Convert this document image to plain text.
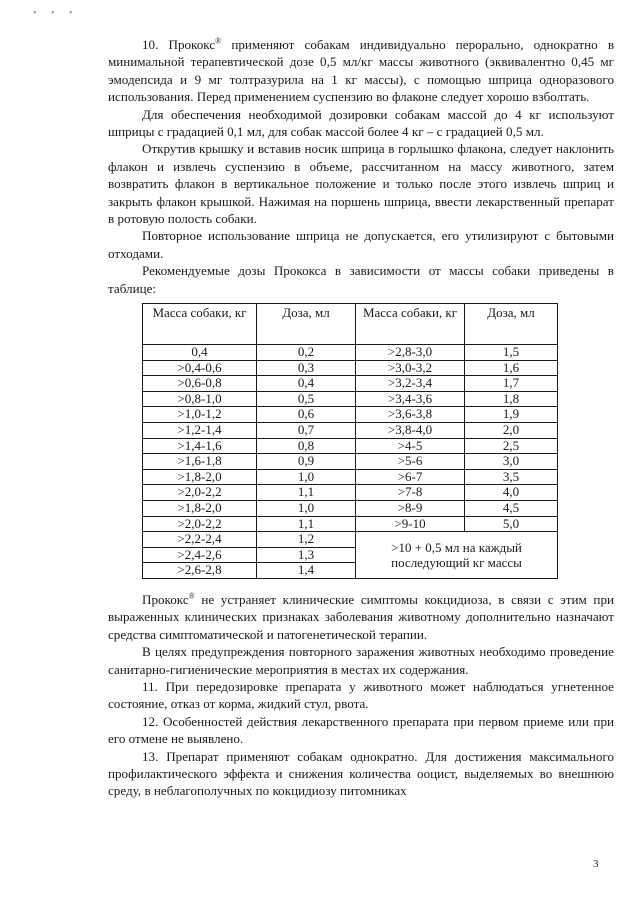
• • •

10. Прококс® применяют собакам индивидуально перорально, однократно в минимальной терапевтической дозе 0,5 мл/кг массы животного (эквивалентно 0,45 мг эмодепсида и 9 мг толтразурила на 1 кг массы), с помощью шприца одноразового использования. Перед применением суспензию во флаконе следует хорошо взболтать.

Для обеспечения необходимой дозировки собакам массой до 4 кг используют шприцы с градацией 0,1 мл, для собак массой более 4 кг – с градацией 0,5 мл.

Открутив крышку и вставив носик шприца в горлышко флакона, следует наклонить флакон и извлечь суспензию в объеме, рассчитанном на массу животного, затем возвратить флакон в вертикальное положение и только после этого извлечь шприц и закрыть флакон крышкой. Нажимая на поршень шприца, ввести лекарственный препарат в ротовую полость собаки.

Повторное использование шприца не допускается, его утилизируют с бытовыми отходами.

Рекомендуемые дозы Прококса в зависимости от массы собаки приведены в таблице:

Масса собаки, кг	Доза, мл	Масса собаки, кг	Доза, мл
0,4	0,2	>2,8-3,0	1,5
>0,4-0,6	0,3	>3,0-3,2	1,6
>0,6-0,8	0,4	>3,2-3,4	1,7
>0,8-1,0	0,5	>3,4-3,6	1,8
>1,0-1,2	0,6	>3,6-3,8	1,9
>1,2-1,4	0,7	>3,8-4,0	2,0
>1,4-1,6	0,8	>4-5	2,5
>1,6-1,8	0,9	>5-6	3,0
>1,8-2,0	1,0	>6-7	3,5
>2,0-2,2	1,1	>7-8	4,0
>1,8-2,0	1,0	>8-9	4,5
>2,0-2,2	1,1	>9-10	5,0
>2,2-2,4	1,2	>10 + 0,5 мл на каждый последующий кг массы	
>2,4-2,6	1,3		
>2,6-2,8	1,4		

Прококс® не устраняет клинические симптомы кокцидиоза, в связи с этим при выраженных клинических признаках заболевания животному дополнительно назначают средства симптоматической и патогенетической терапии.

В целях предупреждения повторного заражения животных необходимо проведение санитарно-гигиенические мероприятия в местах их содержания.

11. При передозировке препарата у животного может наблюдаться угнетенное состояние, отказ от корма, жидкий стул, рвота.

12. Особенностей действия лекарственного препарата при первом приеме или при его отмене не выявлено.

13. Препарат применяют собакам однократно. Для достижения максимального профилактического эффекта и снижения количества ооцист, выделяемых во внешнюю среду, в неблагополучных по кокцидиозу питомниках

3
